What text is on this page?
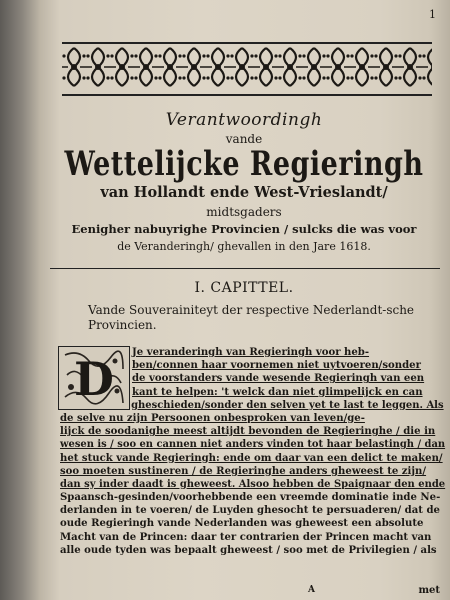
1
Verantwoordingh
vande
Wettelijcke Regieringh
van Hollandt ende West-Vrieslandt/
midtsgaders
Eenigher nabuyrighe Provincien / sulcks die was voor
de Veranderingh/ ghevallen in den Jare 1618.
I. CAPITTEL.
Vande Souverainiteyt der respective Nederlandt-sche Provincien.
D	Je veranderingh van Regieringh voor heb-
ben/connen haar voornemen niet uytvoeren/sonder
de voorstanders vande wesende Regieringh van een
kant te helpen: 't welck dan niet glimpelijck en can
gheschieden/sonder den selven yet te last te leggen. Als
de selve nu zijn Persoonen onbesproken van leven/ge-
lijck de soodanighe meest altijdt bevonden de Regieringhe / die in
wesen is / soo en cannen niet anders vinden tot haar belastingh / dan
het stuck vande Regieringh: ende om daar van een delict te maken/
soo moeten sustineren / de Regieringhe anders gheweest te zijn/
dan sy inder daadt is gheweest. Alsoo hebben de Spaignaar den ende
Spaansch-gesinden/voorhebbende een vreemde dominatie inde Ne-
derlanden in te voeren/ de Luyden ghesocht te persuaderen/ dat de
oude Regieringh vande Nederlanden was gheweest een absolute
Macht van de Princen: daar ter contrarien der Princen macht van
alle oude tyden was bepaalt gheweest / soo met de Privilegien / als
A	met
